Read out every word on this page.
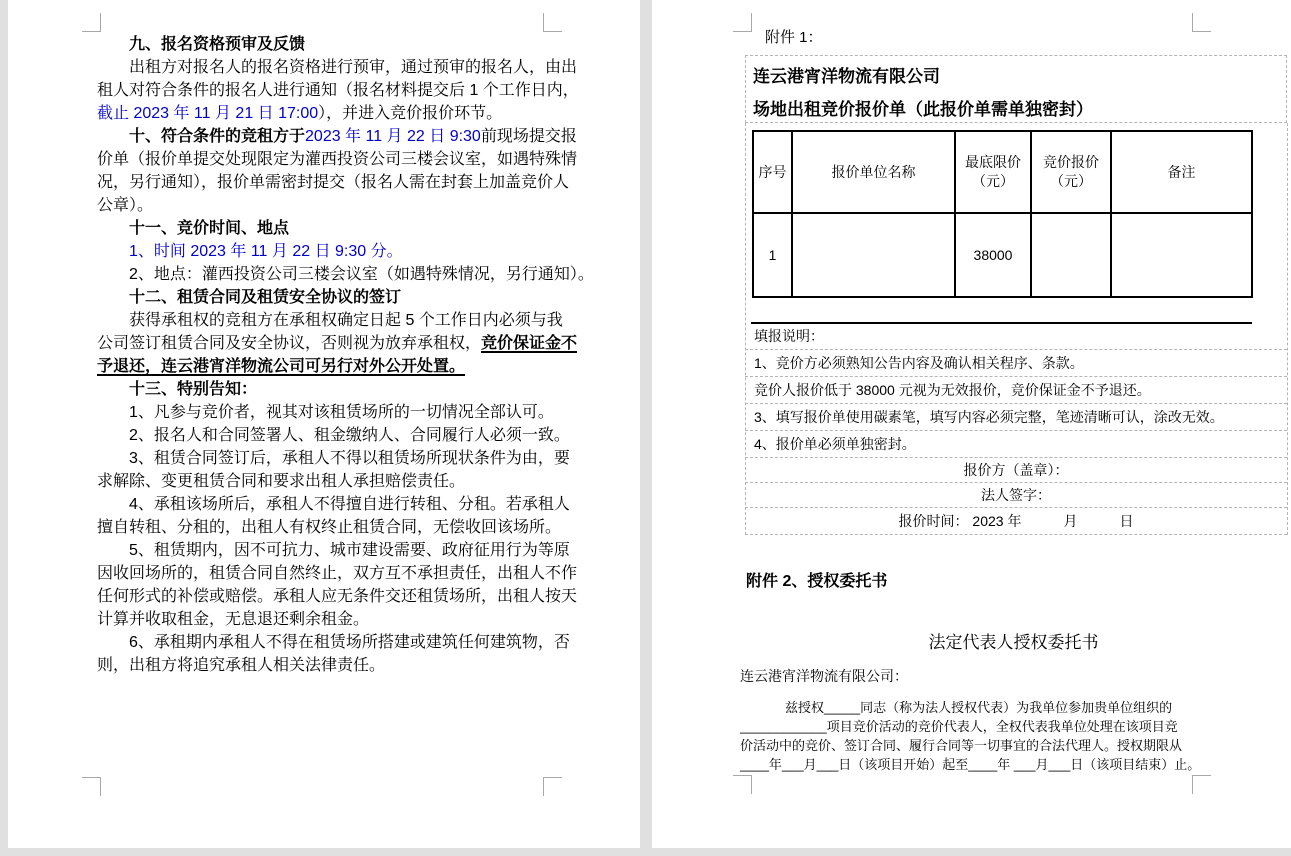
九、报名资格预审及反馈
出租方对报名人的报名资格进行预审，通过预审的报名人，由出
租人对符合条件的报名人进行通知（报名材料提交后 1 个工作日内，
截止 2023 年 11 月 21 日 17:00），并进入竞价报价环节。
十、符合条件的竞租方于2023 年 11 月 22 日 9:30前现场提交报
价单（报价单提交处现限定为灌西投资公司三楼会议室，如遇特殊情
况，另行通知），报价单需密封提交（报名人需在封套上加盖竞价人
公章）。
十一、竞价时间、地点
1、时间 2023 年 11 月 22 日 9:30 分。
2、地点：灌西投资公司三楼会议室（如遇特殊情况，另行通知）。
十二、租赁合同及租赁安全协议的签订
获得承租权的竞租方在承租权确定日起 5 个工作日内必须与我
公司签订租赁合同及安全协议，否则视为放弃承租权，竞价保证金不
予退还，连云港宵洋物流公司可另行对外公开处置。
十三、特别告知：
1、凡参与竞价者，视其对该租赁场所的一切情况全部认可。
2、报名人和合同签署人、租金缴纳人、合同履行人必须一致。
3、租赁合同签订后，承租人不得以租赁场所现状条件为由，要
求解除、变更租赁合同和要求出租人承担赔偿责任。
4、承租该场所后，承租人不得擅自进行转租、分租。若承租人
擅自转租、分租的，出租人有权终止租赁合同，无偿收回该场所。
5、租赁期内，因不可抗力、城市建设需要、政府征用行为等原
因收回场所的，租赁合同自然终止，双方互不承担责任，出租人不作
任何形式的补偿或赔偿。承租人应无条件交还租赁场所，出租人按天
计算并收取租金，无息退还剩余租金。
6、承租期内承租人不得在租赁场所搭建或建筑任何建筑物，否
则，出租方将追究承租人相关法律责任。
附件 1：
连云港宵洋物流有限公司
场地出租竞价报价单（此报价单需单独密封）
序号	报价单位名称	最底限价（元）	竞价报价（元）	备注
1		38000		
附件 2、授权委托书
法定代表人授权委托书
连云港宵洋物流有限公司：
兹授权_____同志（称为法人授权代表）为我单位参加贵单位组织的
____________项目竞价活动的竞价代表人，全权代表我单位处理在该项目竞
价活动中的竞价、签订合同、履行合同等一切事宜的合法代理人。授权期限从
____年___月___日（该项目开始）起至____年 ___月___日（该项目结束）止。
填报说明：
1、竞价方必须熟知公告内容及确认相关程序、条款。
竞价人报价低于 38000 元视为无效报价，竞价保证金不予退还。
3、填写报价单使用碳素笔，填写内容必须完整，笔迹清晰可认，涂改无效。
4、报价单必须单独密封。
报价方（盖章）：
法人签字：
报价时间： 2023 年　　　月　　　日
